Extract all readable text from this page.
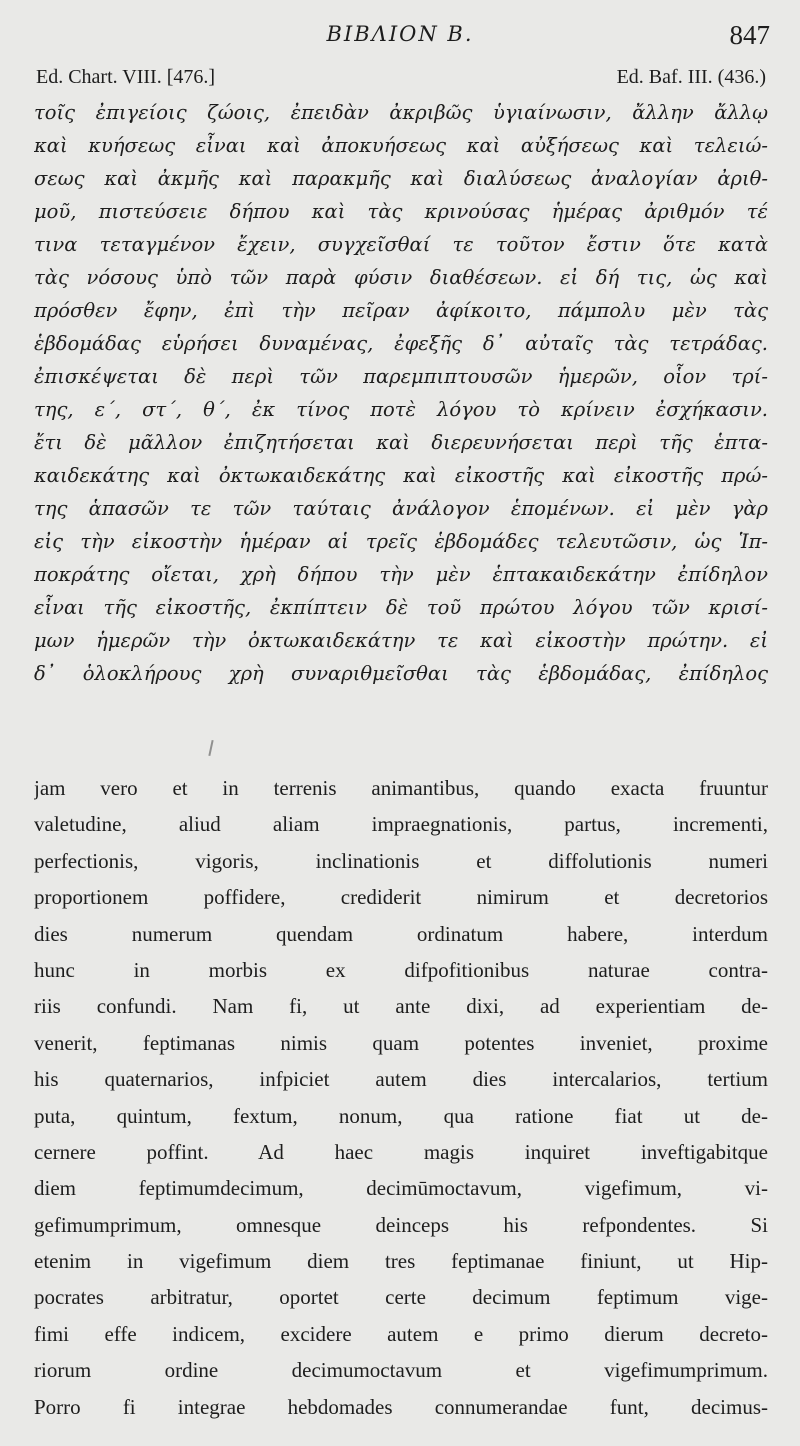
ΒΙΒΛΙΟΝ Β.	847
Ed. Chart. VIII. [476.]	Ed. Baf. III. (436.)
τοῖς ἐπιγείοις ζώοις, ἐπειδὰν ἀκριβῶς ὑγιαίνωσιν, ἄλλην ἄλλῳ
καὶ κυήσεως εἶναι καὶ ἀποκυήσεως καὶ αὐξήσεως καὶ τελειώ-
σεως καὶ ἀκμῆς καὶ παρακμῆς καὶ διαλύσεως ἀναλογίαν ἀριθ-
μοῦ, πιστεύσειε δήπου καὶ τὰς κρινούσας ἡμέρας ἀριθμόν τέ
τινα τεταγμένον ἔχειν, συγχεῖσθαί τε τοῦτον ἔστιν ὅτε κατὰ
τὰς νόσους ὑπὸ τῶν παρὰ φύσιν διαθέσεων. εἰ δή τις, ὡς καὶ
πρόσθεν ἔφην, ἐπὶ τὴν πεῖραν ἀφίκοιτο, πάμπολυ μὲν τὰς
ἑβδομάδας εὑρήσει δυναμένας, ἐφεξῆς δ᾽ αὐταῖς τὰς τετράδας.
ἐπισκέψεται δὲ περὶ τῶν παρεμπιπτουσῶν ἡμερῶν, οἷον τρί-
της, ε΄, στ΄, θ΄, ἐκ τίνος ποτὲ λόγου τὸ κρίνειν ἐσχήκασιν.
ἔτι δὲ μᾶλλον ἐπιζητήσεται καὶ διερευνήσεται περὶ τῆς ἑπτα-
καιδεκάτης καὶ ὀκτωκαιδεκάτης καὶ εἰκοστῆς καὶ εἰκοστῆς πρώ-
της ἁπασῶν τε τῶν ταύταις ἀνάλογον ἑπομένων. εἰ μὲν γὰρ
εἰς τὴν εἰκοστὴν ἡμέραν αἱ τρεῖς ἑβδομάδες τελευτῶσιν, ὡς Ἱπ-
ποκράτης οἴεται, χρὴ δήπου τὴν μὲν ἑπτακαιδεκάτην ἐπίδηλον
εἶναι τῆς εἰκοστῆς, ἐκπίπτειν δὲ τοῦ πρώτου λόγου τῶν κρισί-
μων ἡμερῶν τὴν ὀκτωκαιδεκάτην τε καὶ εἰκοστὴν πρώτην. εἰ
δ᾽ ὁλοκλήρους χρὴ συναριθμεῖσθαι τὰς ἑβδομάδας, ἐπίδηλος
jam vero et in terrenis animantibus, quando exacta fruuntur
valetudine, aliud aliam impraegnationis, partus, incrementi,
perfectionis, vigoris, inclinationis et diffolutionis numeri
proportionem poffidere, crediderit nimirum et decretorios
dies numerum quendam ordinatum habere, interdum
hunc in morbis ex difpofitionibus naturae contra-
riis confundi. Nam fi, ut ante dixi, ad experientiam de-
venerit, feptimanas nimis quam potentes inveniet, proxime
his quaternarios, infpiciet autem dies intercalarios, tertium
puta, quintum, fextum, nonum, qua ratione fiat ut de-
cernere poffint. Ad haec magis inquiret inveftigabitque
diem feptimumdecimum, decimūmoctavum, vigefimum, vi-
gefimumprimum, omnesque deinceps his refpondentes. Si
etenim in vigefimum diem tres feptimanae finiunt, ut Hip-
pocrates arbitratur, oportet certe decimum feptimum vige-
fimi effe indicem, excidere autem e primo dierum decreto-
riorum ordine decimumoctavum et vigefimumprimum.
Porro fi integrae hebdomades connumerandae funt, decimus-
